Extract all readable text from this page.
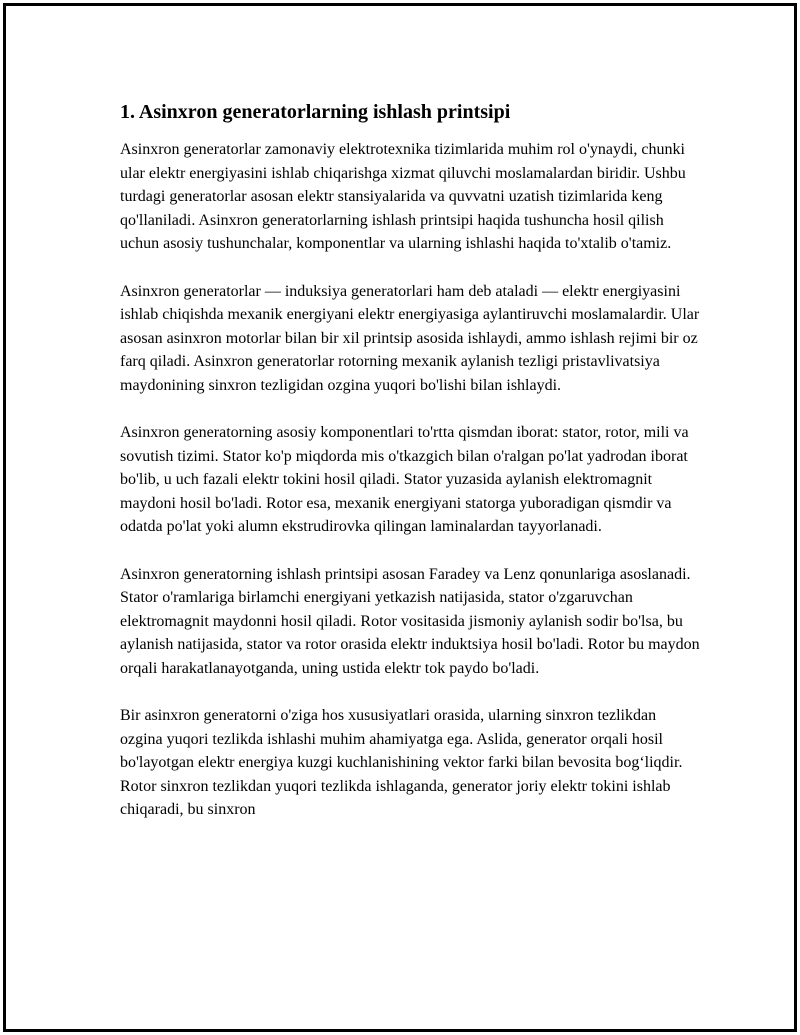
1. Asinxron generatorlarning ishlash printsipi

Asinxron generatorlar zamonaviy elektrotexnika tizimlarida muhim rol o'ynaydi, chunki ular elektr energiyasini ishlab chiqarishga xizmat qiluvchi moslamalardan biridir. Ushbu turdagi generatorlar asosan elektr stansiyalarida va quvvatni uzatish tizimlarida keng qo'llaniladi. Asinxron generatorlarning ishlash printsipi haqida tushuncha hosil qilish uchun asosiy tushunchalar, komponentlar va ularning ishlashi haqida to'xtalib o'tamiz.

Asinxron generatorlar — induksiya generatorlari ham deb ataladi — elektr energiyasini ishlab chiqishda mexanik energiyani elektr energiyasiga aylantiruvchi moslamalardir. Ular asosan asinxron motorlar bilan bir xil printsip asosida ishlaydi, ammo ishlash rejimi bir oz farq qiladi. Asinxron generatorlar rotorning mexanik aylanish tezligi pristavlivatsiya maydonining sinxron tezligidan ozgina yuqori bo'lishi bilan ishlaydi.

Asinxron generatorning asosiy komponentlari to'rtta qismdan iborat: stator, rotor, mili va sovutish tizimi. Stator ko'p miqdorda mis o'tkazgich bilan o'ralgan po'lat yadrodan iborat bo'lib, u uch fazali elektr tokini hosil qiladi. Stator yuzasida aylanish elektromagnit maydoni hosil bo'ladi. Rotor esa, mexanik energiyani statorga yuboradigan qismdir va odatda po'lat yoki alumn ekstrudirovka qilingan laminalardan tayyorlanadi.

Asinxron generatorning ishlash printsipi asosan Faradey va Lenz qonunlariga asoslanadi. Stator o'ramlariga birlamchi energiyani yetkazish natijasida, stator o'zgaruvchan elektromagnit maydonni hosil qiladi. Rotor vositasida jismoniy aylanish sodir bo'lsa, bu aylanish natijasida, stator va rotor orasida elektr induktsiya hosil bo'ladi. Rotor bu maydon orqali harakatlanayotganda, uning ustida elektr tok paydo bo'ladi.

Bir asinxron generatorni o'ziga hos xususiyatlari orasida, ularning sinxron tezlikdan ozgina yuqori tezlikda ishlashi muhim ahamiyatga ega. Aslida, generator orqali hosil bo'layotgan elektr energiya kuzgi kuchlanishining vektor farki bilan bevosita bog‘liqdir. Rotor sinxron tezlikdan yuqori tezlikda ishlaganda, generator joriy elektr tokini ishlab chiqaradi, bu sinxron
